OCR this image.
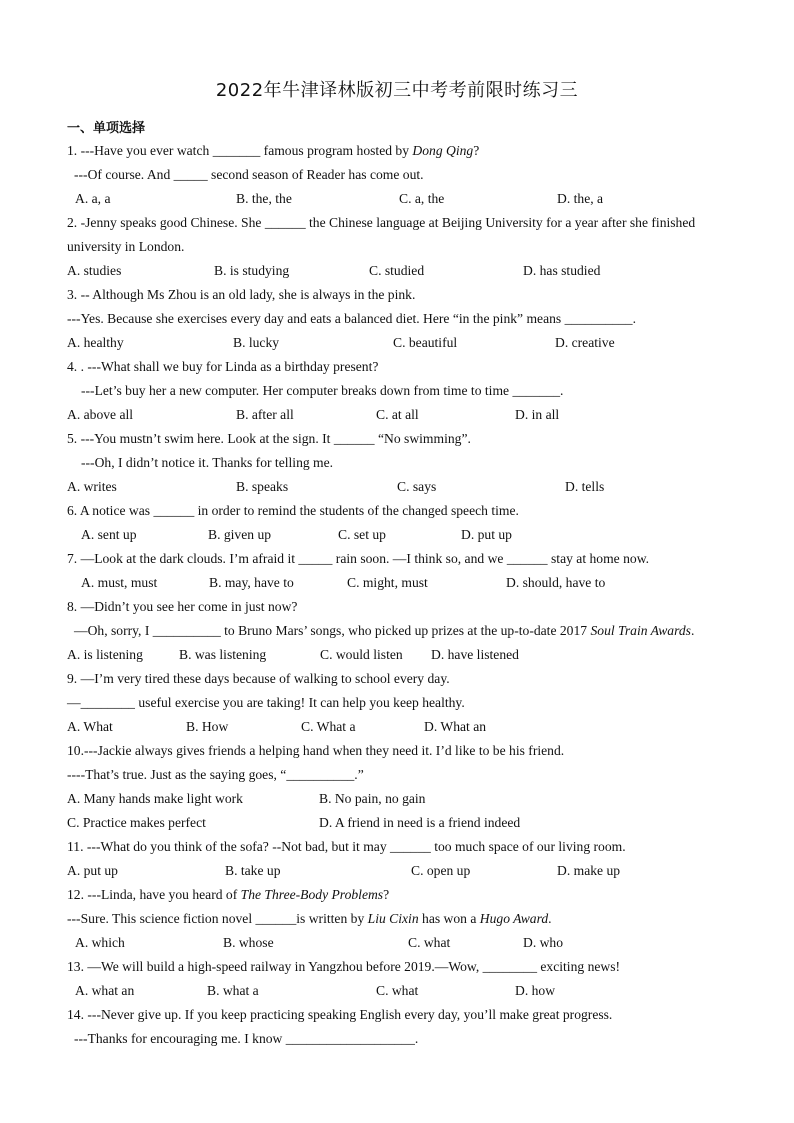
2022年牛津译林版初三中考考前限时练习三
一、单项选择
1. ---Have you ever watch _______ famous program hosted by Dong Qing?
---Of course. And _____ second season of Reader has come out.
A. a, a	B. the, the	C. a, the	D. the, a
2. -Jenny speaks good Chinese. She ______ the Chinese language at Beijing University for a year after she finished
university in London.
A. studies	B. is studying	C. studied	D. has studied
3. -- Although Ms Zhou is an old lady, she is always in the pink.
---Yes. Because she exercises every day and eats a balanced diet. Here “in the pink” means __________.
A. healthy	B. lucky	C. beautiful	D. creative
4. . ---What shall we buy for Linda as a birthday present?
---Let’s buy her a new computer. Her computer breaks down from time to time _______.
A. above all	B. after all	C. at all	D. in all
5. ---You mustn’t swim here. Look at the sign. It ______ “No swimming”.
---Oh, I didn’t notice it. Thanks for telling me.
A. writes	B. speaks	C. says	D. tells
6. A notice was ______ in order to remind the students of the changed speech time.
A. sent up	B. given up	C. set up	D. put up
7. —Look at the dark clouds. I’m afraid it _____ rain soon. —I think so, and we ______ stay at home now.
A. must, must	B. may, have to	C. might, must	D. should, have to
8. —Didn’t you see her come in just now?
—Oh, sorry, I __________ to Bruno Mars’ songs, who picked up prizes at the up-to-date 2017 Soul Train Awards.
A. is listening	B. was listening	C. would listen D. have listened
9. —I’m very tired these days because of walking to school every day.
—________ useful exercise you are taking! It can help you keep healthy.
A. What	B. How	C. What a	D. What an
10.---Jackie always gives friends a helping hand when they need it. I’d like to be his friend.
----That’s true. Just as the saying goes, “__________.”
A. Many hands make light work	B. No pain, no gain
C. Practice makes perfect	D. A friend in need is a friend indeed
11. ---What do you think of the sofa? --Not bad, but it may ______ too much space of our living room.
A. put up	B. take up	C. open up	D. make up
12. ---Linda, have you heard of The Three-Body Problems?
---Sure. This science fiction novel ______is written by Liu Cixin has won a Hugo Award.
A. which	B. whose	C. what	D. who
13. —We will build a high-speed railway in Yangzhou before 2019.—Wow, ________ exciting news!
A. what an	B. what a	C. what	D. how
14. ---Never give up. If you keep practicing speaking English every day, you’ll make great progress.
---Thanks for encouraging me. I know ___________________.
